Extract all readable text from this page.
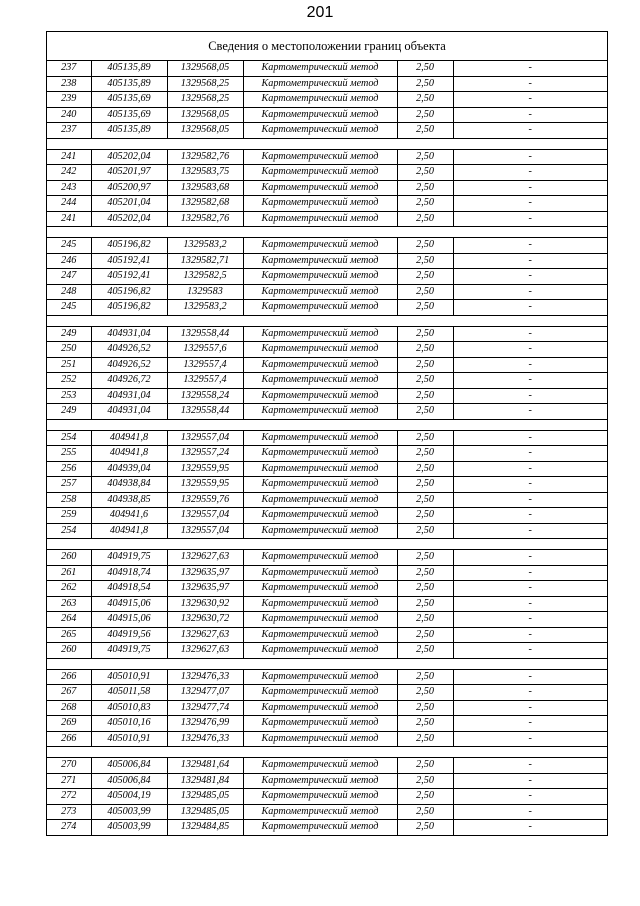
201
Сведения о местоположении границ объекта
237	405135,89	1329568,05	Картометрический метод	2,50	-
238	405135,89	1329568,25	Картометрический метод	2,50	-
239	405135,69	1329568,25	Картометрический метод	2,50	-
240	405135,69	1329568,05	Картометрический метод	2,50	-
237	405135,89	1329568,05	Картометрический метод	2,50	-

241	405202,04	1329582,76	Картометрический метод	2,50	-
242	405201,97	1329583,75	Картометрический метод	2,50	-
243	405200,97	1329583,68	Картометрический метод	2,50	-
244	405201,04	1329582,68	Картометрический метод	2,50	-
241	405202,04	1329582,76	Картометрический метод	2,50	-

245	405196,82	1329583,2	Картометрический метод	2,50	-
246	405192,41	1329582,71	Картометрический метод	2,50	-
247	405192,41	1329582,5	Картометрический метод	2,50	-
248	405196,82	1329583	Картометрический метод	2,50	-
245	405196,82	1329583,2	Картометрический метод	2,50	-

249	404931,04	1329558,44	Картометрический метод	2,50	-
250	404926,52	1329557,6	Картометрический метод	2,50	-
251	404926,52	1329557,4	Картометрический метод	2,50	-
252	404926,72	1329557,4	Картометрический метод	2,50	-
253	404931,04	1329558,24	Картометрический метод	2,50	-
249	404931,04	1329558,44	Картометрический метод	2,50	-

254	404941,8	1329557,04	Картометрический метод	2,50	-
255	404941,8	1329557,24	Картометрический метод	2,50	-
256	404939,04	1329559,95	Картометрический метод	2,50	-
257	404938,84	1329559,95	Картометрический метод	2,50	-
258	404938,85	1329559,76	Картометрический метод	2,50	-
259	404941,6	1329557,04	Картометрический метод	2,50	-
254	404941,8	1329557,04	Картометрический метод	2,50	-

260	404919,75	1329627,63	Картометрический метод	2,50	-
261	404918,74	1329635,97	Картометрический метод	2,50	-
262	404918,54	1329635,97	Картометрический метод	2,50	-
263	404915,06	1329630,92	Картометрический метод	2,50	-
264	404915,06	1329630,72	Картометрический метод	2,50	-
265	404919,56	1329627,63	Картометрический метод	2,50	-
260	404919,75	1329627,63	Картометрический метод	2,50	-

266	405010,91	1329476,33	Картометрический метод	2,50	-
267	405011,58	1329477,07	Картометрический метод	2,50	-
268	405010,83	1329477,74	Картометрический метод	2,50	-
269	405010,16	1329476,99	Картометрический метод	2,50	-
266	405010,91	1329476,33	Картометрический метод	2,50	-

270	405006,84	1329481,64	Картометрический метод	2,50	-
271	405006,84	1329481,84	Картометрический метод	2,50	-
272	405004,19	1329485,05	Картометрический метод	2,50	-
273	405003,99	1329485,05	Картометрический метод	2,50	-
274	405003,99	1329484,85	Картометрический метод	2,50	-
